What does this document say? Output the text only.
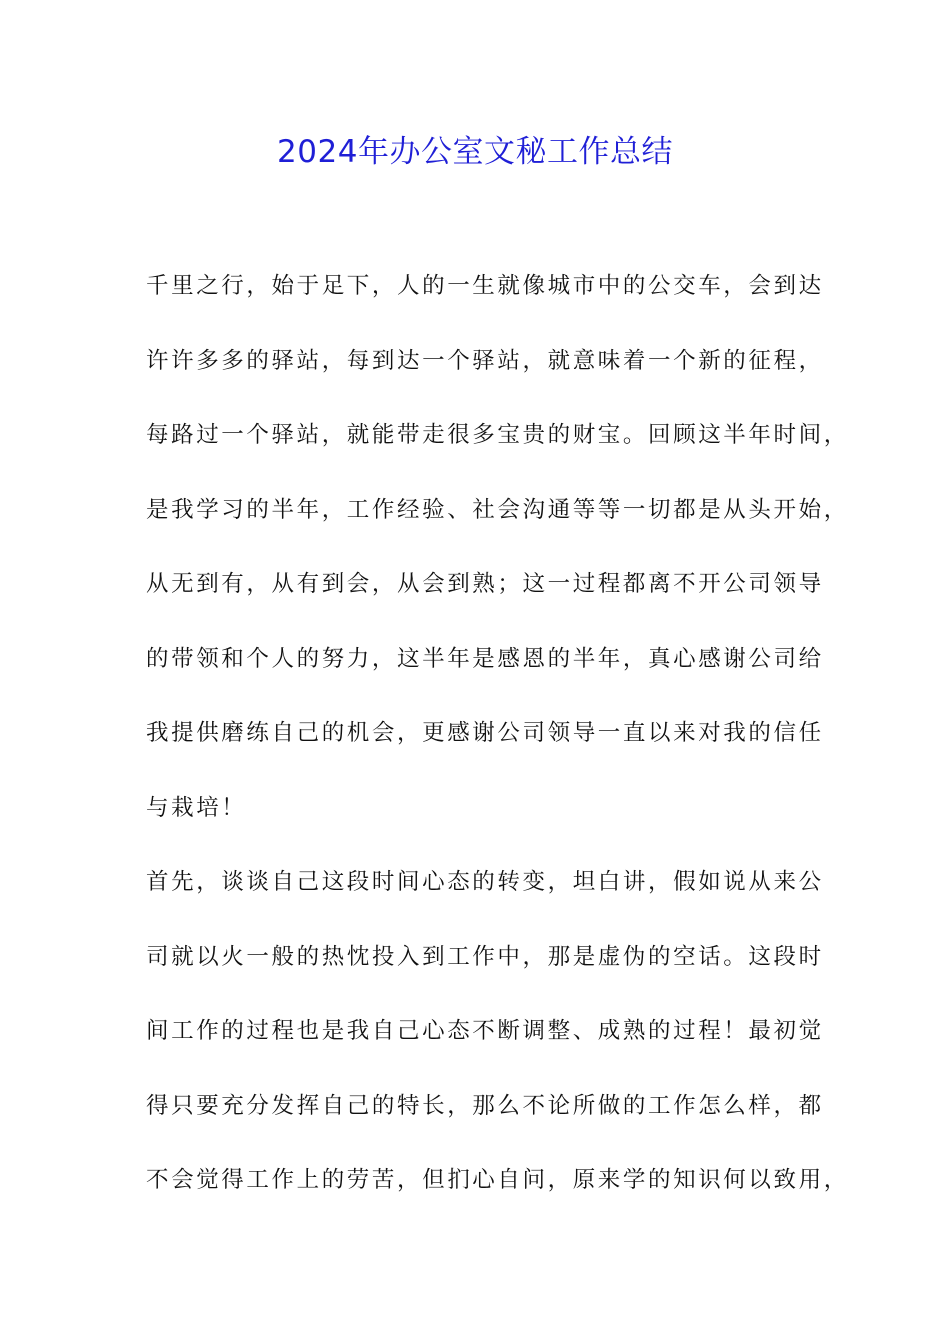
2024年办公室文秘工作总结
千里之行，始于足下，人的一生就像城市中的公交车，会到达
许许多多的驿站，每到达一个驿站，就意味着一个新的征程，
每路过一个驿站，就能带走很多宝贵的财宝。回顾这半年时间，
是我学习的半年，工作经验、社会沟通等等一切都是从头开始，
从无到有，从有到会，从会到熟；这一过程都离不开公司领导
的带领和个人的努力，这半年是感恩的半年，真心感谢公司给
我提供磨练自己的机会，更感谢公司领导一直以来对我的信任
与栽培！
首先，谈谈自己这段时间心态的转变，坦白讲，假如说从来公
司就以火一般的热忱投入到工作中，那是虚伪的空话。这段时
间工作的过程也是我自己心态不断调整、成熟的过程！最初觉
得只要充分发挥自己的特长，那么不论所做的工作怎么样，都
不会觉得工作上的劳苦，但扪心自问，原来学的知识何以致用，
